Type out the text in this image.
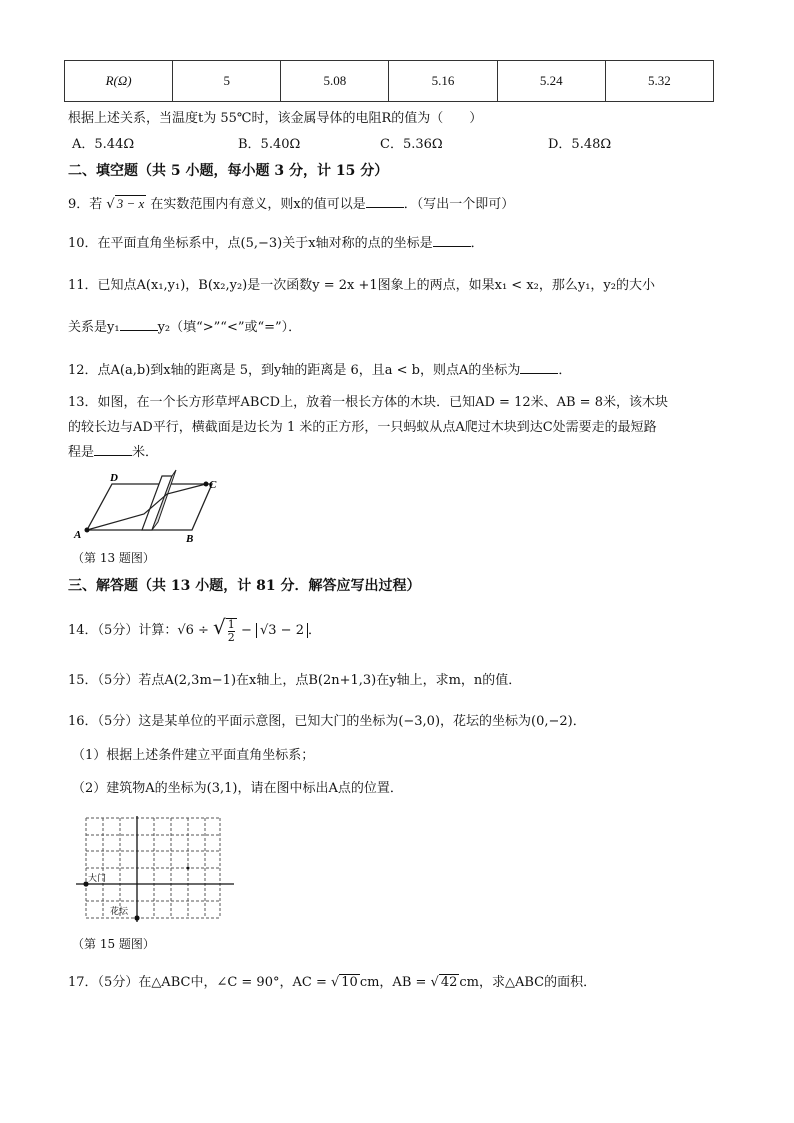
R(Ω)	5	5.08	5.16	5.24	5.32
根据上述关系，当温度t为 55℃时，该金属导体的电阻R的值为（　　）
A．5.44Ω	B．5.40Ω	C．5.36Ω	D．5.48Ω
二、填空题（共 5 小题，每小题 3 分，计 15 分）
9．若 √ 3 − x 在实数范围内有意义，则x的值可以是	．（写出一个即可）
10．在平面直角坐标系中，点(5,−3)关于x轴对称的点的坐标是	．
11．已知点A(x₁,y₁)，B(x₂,y₂)是一次函数y = 2x +1图象上的两点，如果x₁ < x₂，那么y₁，y₂的大小
关系是y₁	y₂（填“>”“<”或“=”）．
12．点A(a,b)到x轴的距离是 5，到y轴的距离是 6，且a < b，则点A的坐标为	．
13．如图，在一个长方形草坪ABCD上，放着一根长方体的木块．已知AD = 12米、AB = 8米，该木块
的较长边与AD平行，横截面是边长为 1 米的正方形，一只蚂蚁从点A爬过木块到达C处需要走的最短路
程是	米．
A	B
C
D
（第 13 题图）
三、解答题（共 13 小题，计 81 分．解答应写出过程）
14．（5分）计算：√6 ÷ √ $\frac{1}{2} - √3 - 2$ ．
15．（5分）若点A(2,3m−1)在x轴上，点B(2n+1,3)在y轴上，求m，n的值．
16．（5分）这是某单位的平面示意图，已知大门的坐标为(−3,0)，花坛的坐标为(0,−2)．
（1）根据上述条件建立平面直角坐标系；
（2）建筑物A的坐标为(3,1)，请在图中标出A点的位置．
大门
花坛
（第 15 题图）
17．（5分）在△ABC中，∠C = 90°，AC = √ 10 cm，AB = √ 42 cm，求△ABC的面积．
